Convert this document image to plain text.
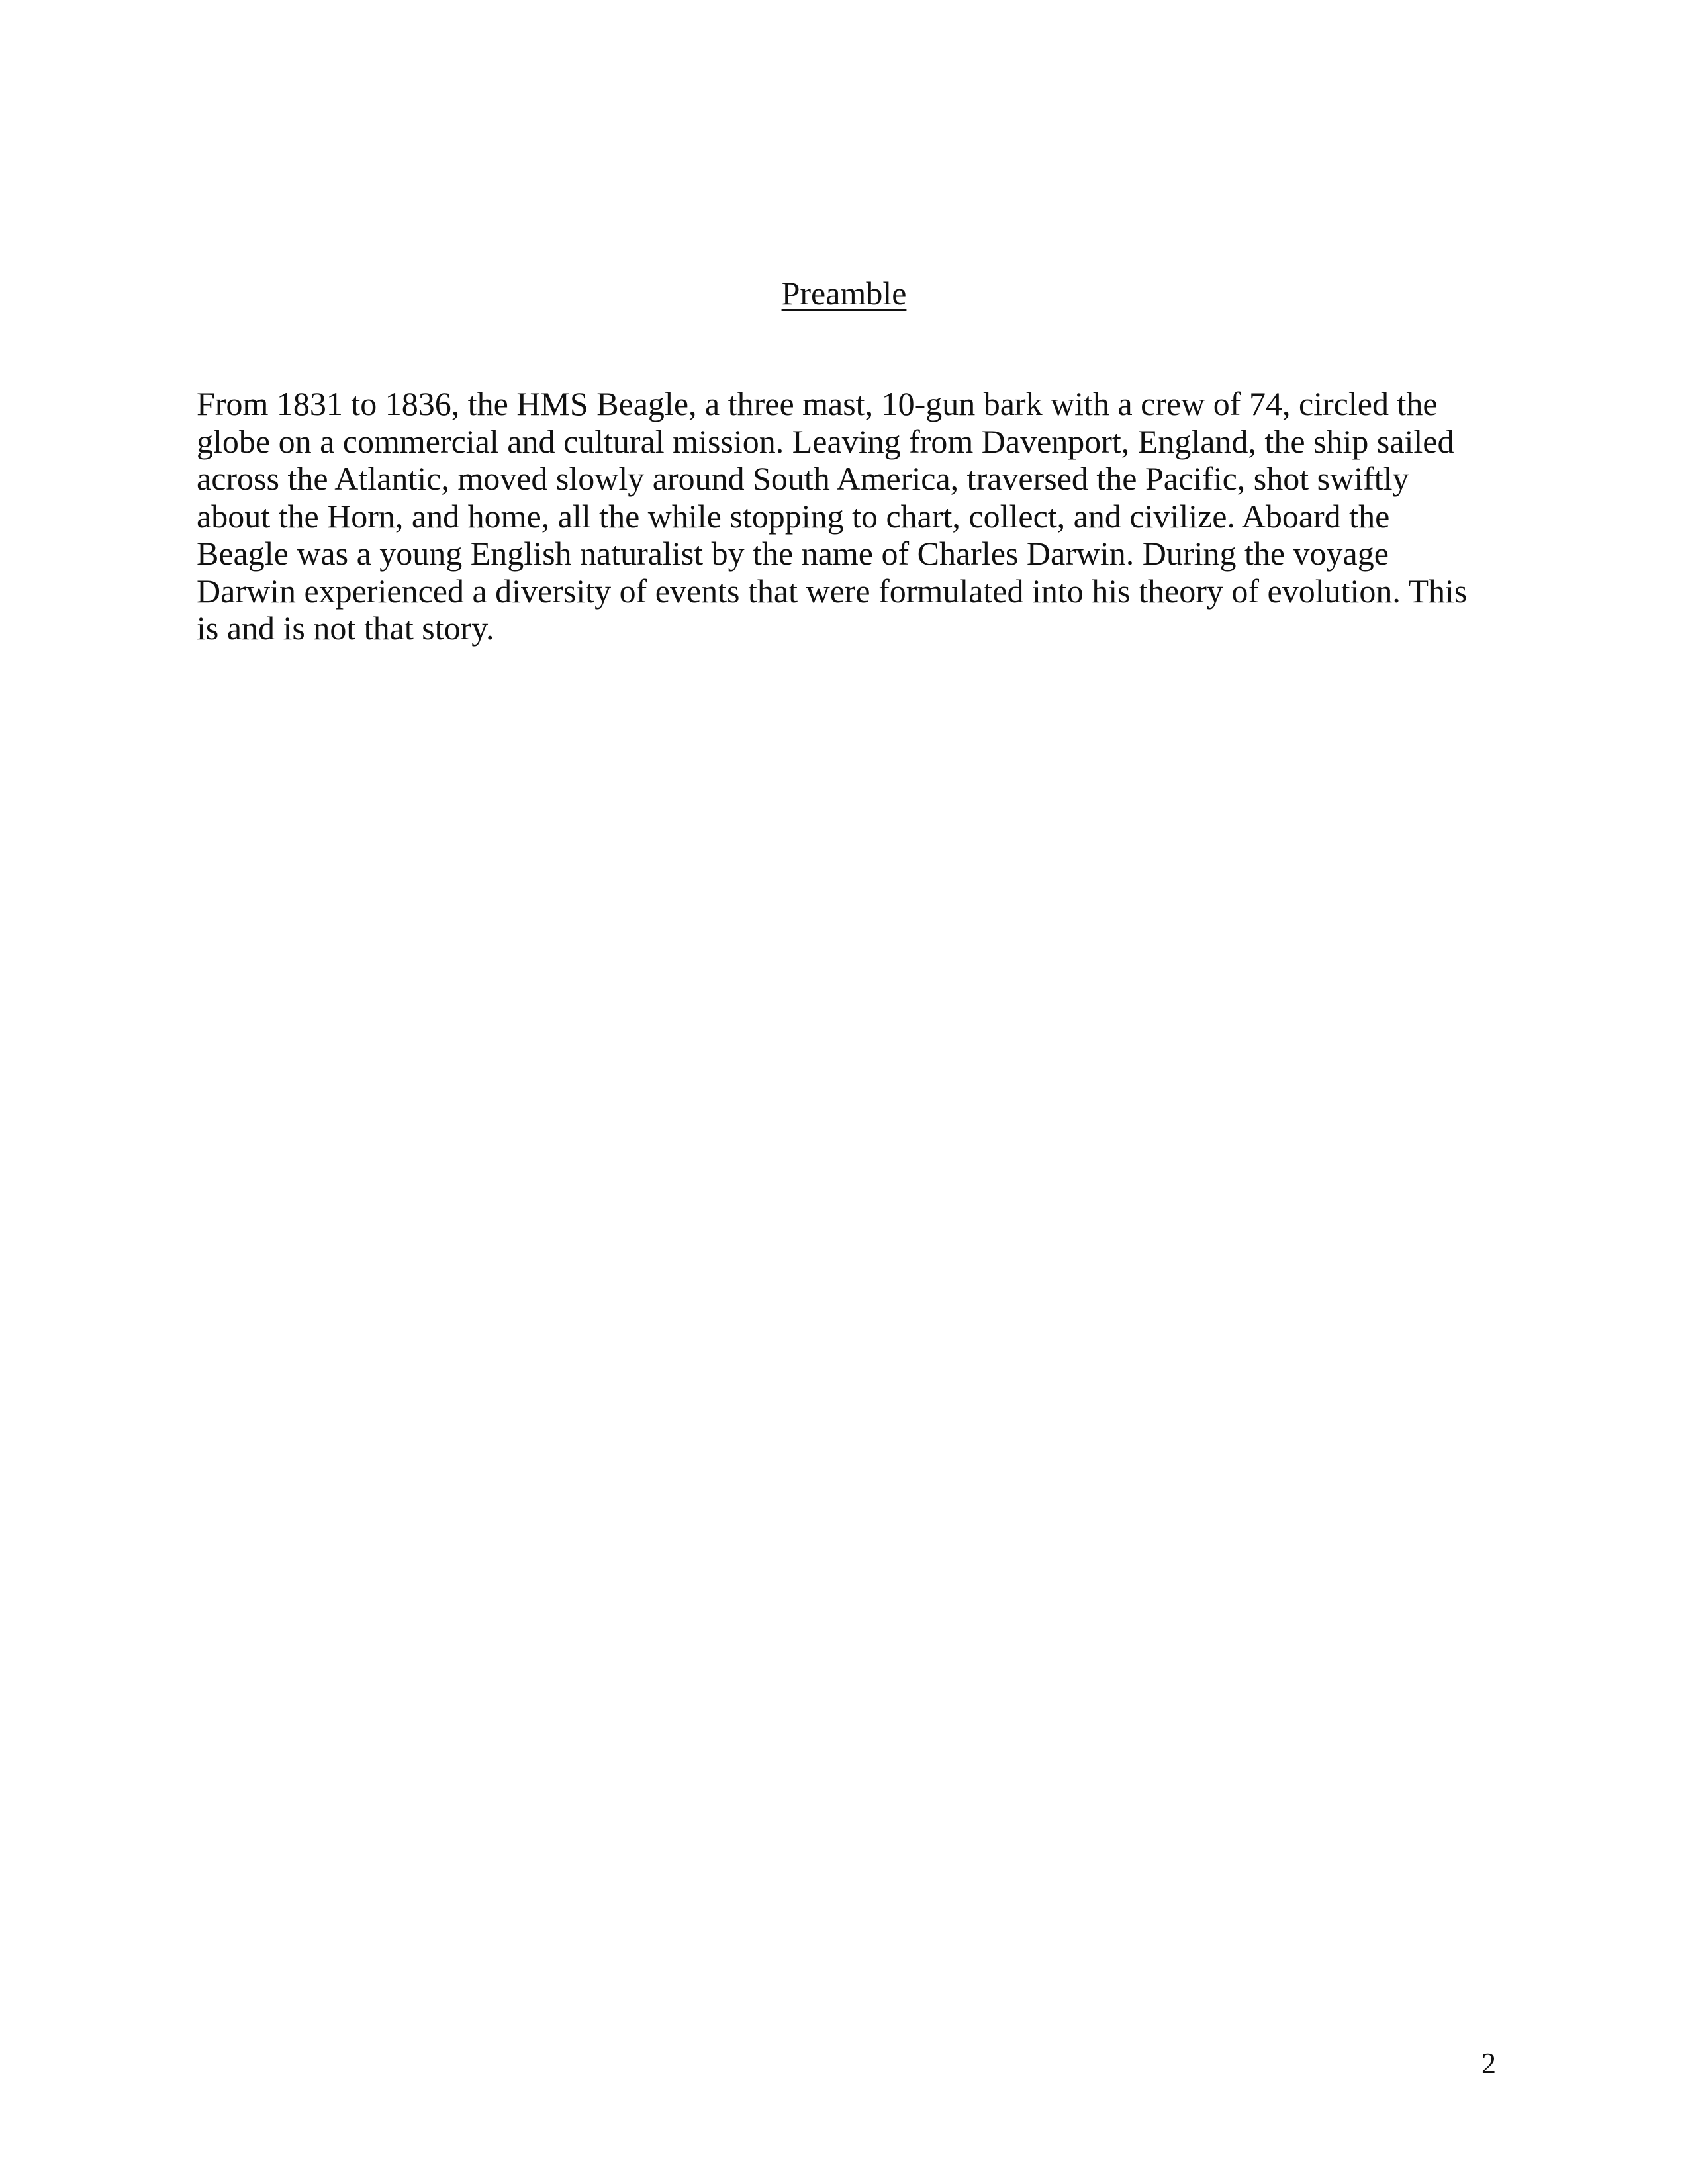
Preamble

From 1831 to 1836, the HMS Beagle, a three mast, 10-gun bark with a crew of 74, circled the
globe on a commercial and cultural mission. Leaving from Davenport, England, the ship sailed
across the Atlantic, moved slowly around South America, traversed the Pacific, shot swiftly
about the Horn, and home, all the while stopping to chart, collect, and civilize. Aboard the
Beagle was a young English naturalist by the name of Charles Darwin. During the voyage
Darwin experienced a diversity of events that were formulated into his theory of evolution. This
is and is not that story.

2
